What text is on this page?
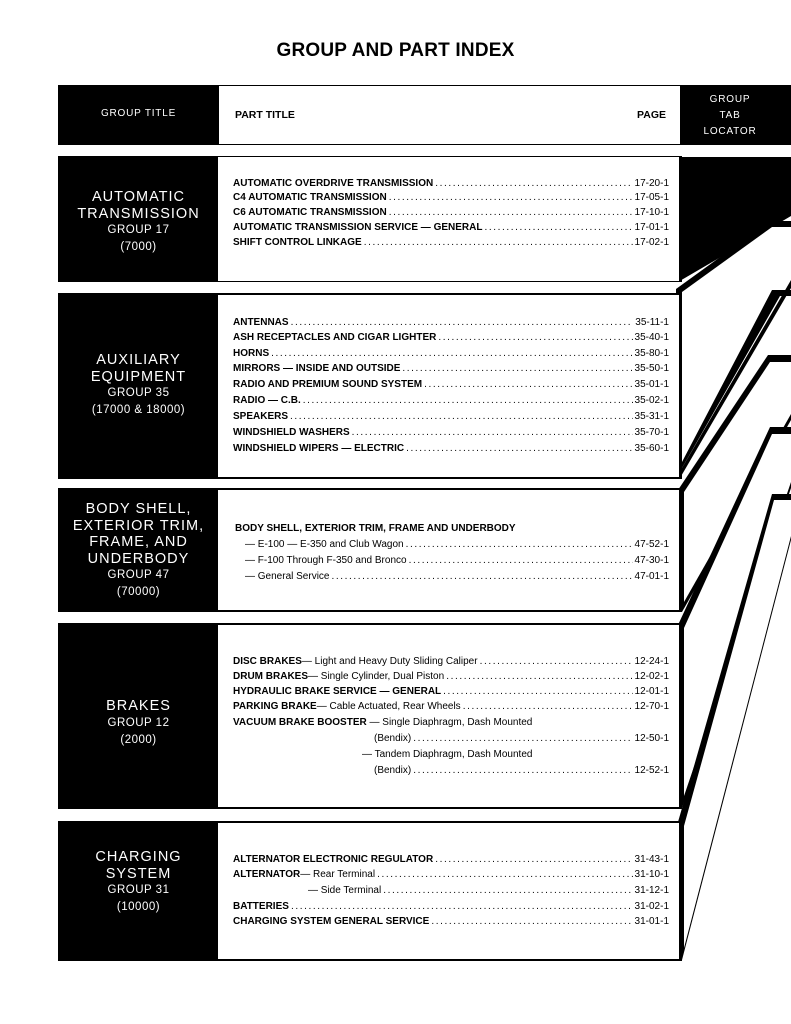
GROUP AND PART INDEX
GROUP TITLE	PART TITLE	PAGE
GROUP
TAB
LOCATOR
AUTOMATIC
TRANSMISSION
GROUP 17
(7000)
AUTOMATIC OVERDRIVE TRANSMISSION .....	17-20-1
C4 AUTOMATIC TRANSMISSION .....	17-05-1
C6 AUTOMATIC TRANSMISSION .....	17-10-1
AUTOMATIC TRANSMISSION SERVICE — GENERAL .....	17-01-1
SHIFT CONTROL LINKAGE .....	17-02-1
AUXILIARY
EQUIPMENT
GROUP 35
(17000 & 18000)
ANTENNAS .....	35-11-1
ASH RECEPTACLES AND CIGAR LIGHTER .....	35-40-1
HORNS .....	35-80-1
MIRRORS — INSIDE AND OUTSIDE .....	35-50-1
RADIO AND PREMIUM SOUND SYSTEM .....	35-01-1
RADIO — C.B. .....	35-02-1
SPEAKERS .....	35-31-1
WINDSHIELD WASHERS .....	35-70-1
WINDSHIELD WIPERS — ELECTRIC .....	35-60-1
BODY SHELL,
EXTERIOR TRIM,
FRAME, AND
UNDERBODY
GROUP 47
(70000)
BODY SHELL, EXTERIOR TRIM, FRAME AND UNDERBODY
— E-100 — E-350 and Club Wagon .....	47-52-1
— F-100 Through F-350 and Bronco .....	47-30-1
— General Service .....	47-01-1
BRAKES
GROUP 12
(2000)
DISC BRAKES — Light and Heavy Duty Sliding Caliper .....	12-24-1
DRUM BRAKES — Single Cylinder, Dual Piston .....	12-02-1
HYDRAULIC BRAKE SERVICE — GENERAL .....	12-01-1
PARKING BRAKE — Cable Actuated, Rear Wheels .....	12-70-1
VACUUM BRAKE BOOSTER — Single Diaphragm, Dash Mounted
(Bendix) .....	12-50-1
— Tandem Diaphragm, Dash Mounted
(Bendix) .....	12-52-1
CHARGING
SYSTEM
GROUP 31
(10000)
ALTERNATOR ELECTRONIC REGULATOR .....	31-43-1
ALTERNATOR — Rear Terminal .....	31-10-1
— Side Terminal .....	31-12-1
BATTERIES .....	31-02-1
CHARGING SYSTEM GENERAL SERVICE .....	31-01-1
